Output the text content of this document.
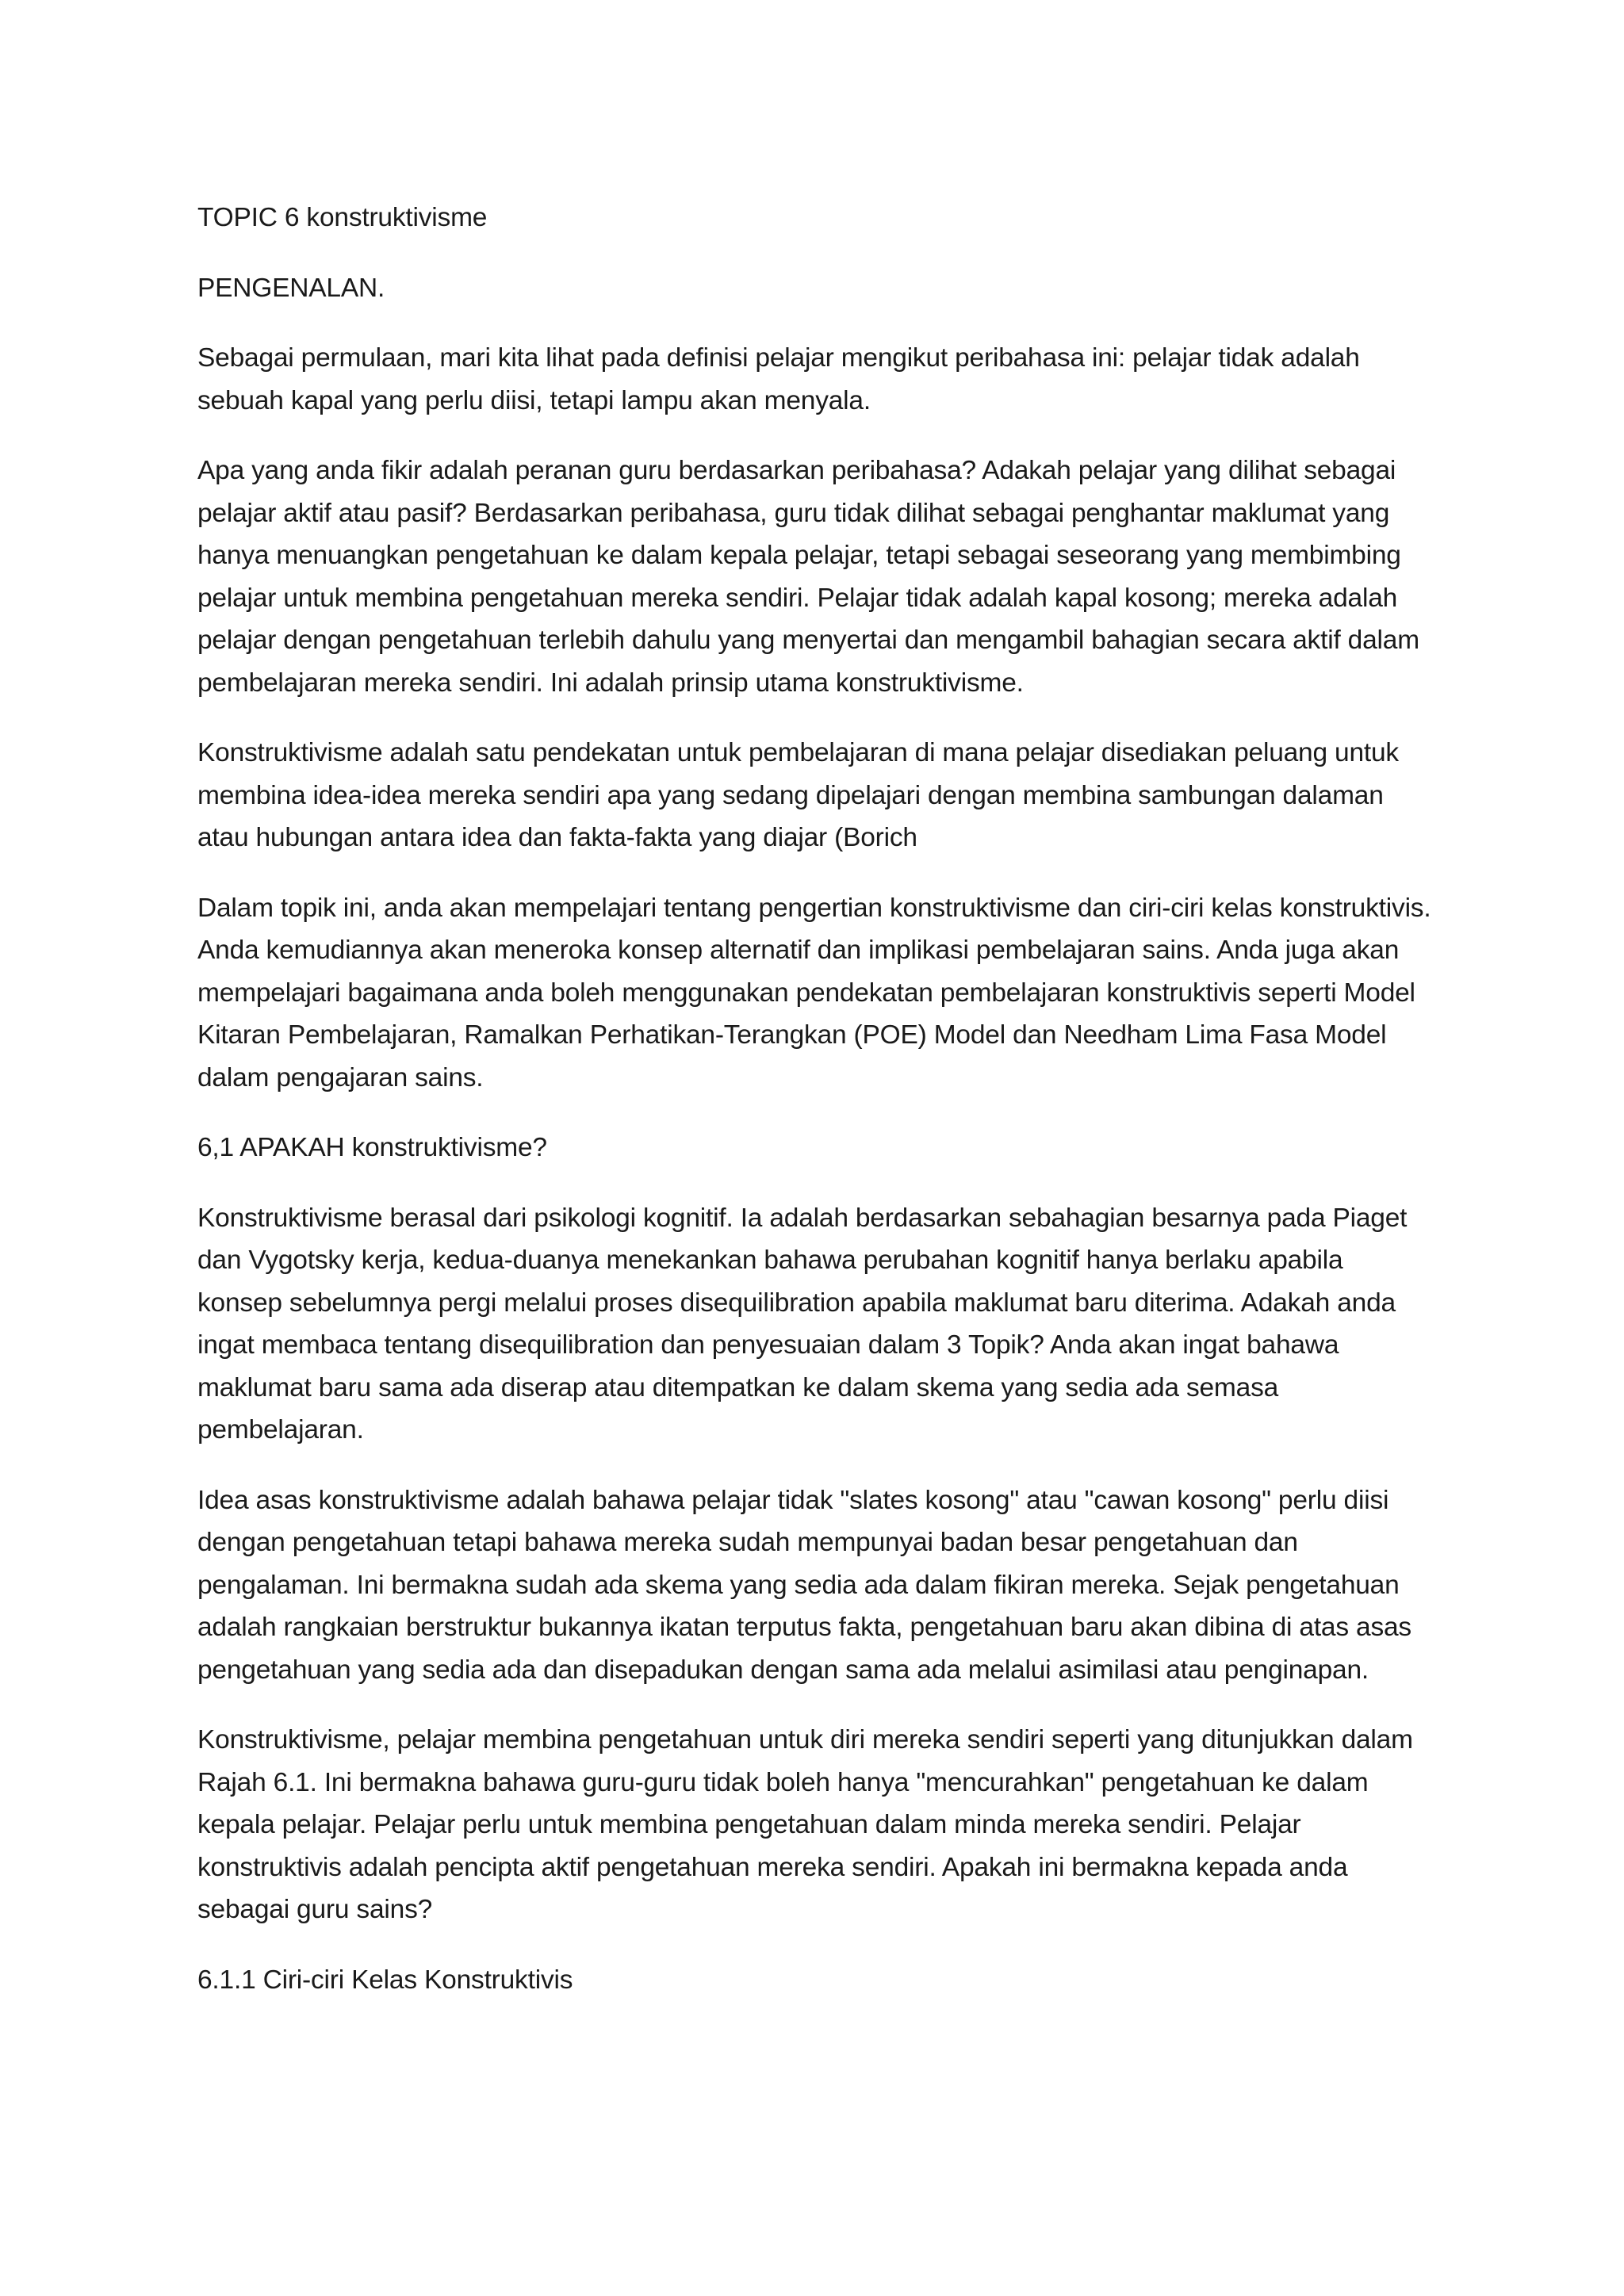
TOPIC 6 konstruktivisme

PENGENALAN.

Sebagai permulaan, mari kita lihat pada definisi pelajar mengikut peribahasa ini: pelajar tidak adalah sebuah kapal yang perlu diisi, tetapi lampu akan menyala.

Apa yang anda fikir adalah peranan guru berdasarkan peribahasa? Adakah pelajar yang dilihat sebagai pelajar aktif atau pasif? Berdasarkan peribahasa, guru tidak dilihat sebagai penghantar maklumat yang hanya menuangkan pengetahuan ke dalam kepala pelajar, tetapi sebagai seseorang yang membimbing pelajar untuk membina pengetahuan mereka sendiri. Pelajar tidak adalah kapal kosong; mereka adalah pelajar dengan pengetahuan terlebih dahulu yang menyertai dan mengambil bahagian secara aktif dalam pembelajaran mereka sendiri. Ini adalah prinsip utama konstruktivisme.

Konstruktivisme adalah satu pendekatan untuk pembelajaran di mana pelajar disediakan peluang untuk membina idea-idea mereka sendiri apa yang sedang dipelajari dengan membina sambungan dalaman atau hubungan antara idea dan fakta-fakta yang diajar (Borich

Dalam topik ini, anda akan mempelajari tentang pengertian konstruktivisme dan ciri-ciri kelas konstruktivis. Anda kemudiannya akan meneroka konsep alternatif dan implikasi pembelajaran sains. Anda juga akan mempelajari bagaimana anda boleh menggunakan pendekatan pembelajaran konstruktivis seperti Model Kitaran Pembelajaran, Ramalkan Perhatikan-Terangkan (POE) Model dan Needham Lima Fasa Model dalam pengajaran sains.

6,1 APAKAH konstruktivisme?

Konstruktivisme berasal dari psikologi kognitif. Ia adalah berdasarkan sebahagian besarnya pada Piaget dan Vygotsky kerja, kedua-duanya menekankan bahawa perubahan kognitif hanya berlaku apabila konsep sebelumnya pergi melalui proses disequilibration apabila maklumat baru diterima. Adakah anda ingat membaca tentang disequilibration dan penyesuaian dalam 3 Topik? Anda akan ingat bahawa maklumat baru sama ada diserap atau ditempatkan ke dalam skema yang sedia ada semasa pembelajaran.

Idea asas konstruktivisme adalah bahawa pelajar tidak "slates kosong" atau "cawan kosong" perlu diisi dengan pengetahuan tetapi bahawa mereka sudah mempunyai badan besar pengetahuan dan pengalaman. Ini bermakna sudah ada skema yang sedia ada dalam fikiran mereka. Sejak pengetahuan adalah rangkaian berstruktur bukannya ikatan terputus fakta, pengetahuan baru akan dibina di atas asas pengetahuan yang sedia ada dan disepadukan dengan sama ada melalui asimilasi atau penginapan.

Konstruktivisme, pelajar membina pengetahuan untuk diri mereka sendiri seperti yang ditunjukkan dalam Rajah 6.1. Ini bermakna bahawa guru-guru tidak boleh hanya "mencurahkan" pengetahuan ke dalam kepala pelajar. Pelajar perlu untuk membina pengetahuan dalam minda mereka sendiri. Pelajar konstruktivis adalah pencipta aktif pengetahuan mereka sendiri. Apakah ini bermakna kepada anda sebagai guru sains?

6.1.1 Ciri-ciri Kelas Konstruktivis
